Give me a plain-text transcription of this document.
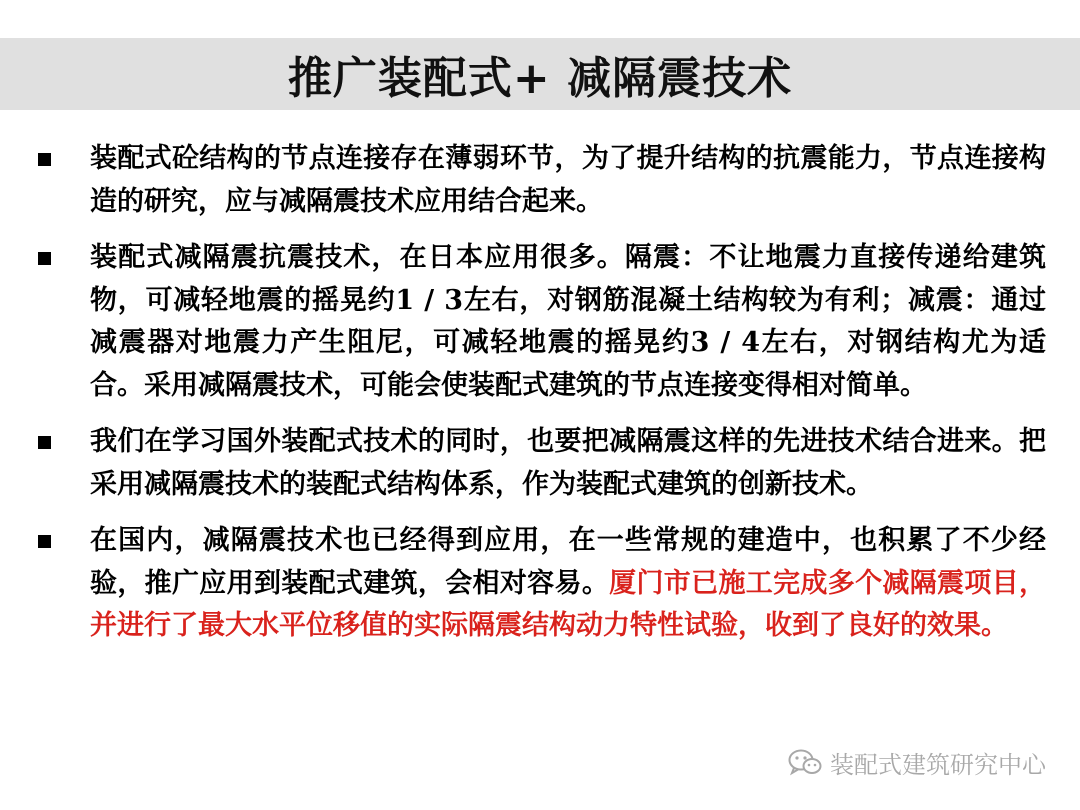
推广装配式+ 减隔震技术
装配式砼结构的节点连接存在薄弱环节，为了提升结构的抗震能力，节点连接构造的研究，应与减隔震技术应用结合起来。
装配式减隔震抗震技术，在日本应用很多。隔震：不让地震力直接传递给建筑物，可减轻地震的摇晃约1 / 3左右，对钢筋混凝土结构较为有利；减震：通过减震器对地震力产生阻尼，可减轻地震的摇晃约3 / 4左右，对钢结构尤为适合。采用减隔震技术，可能会使装配式建筑的节点连接变得相对简单。
我们在学习国外装配式技术的同时，也要把减隔震这样的先进技术结合进来。把采用减隔震技术的装配式结构体系，作为装配式建筑的创新技术。
在国内，减隔震技术也已经得到应用，在一些常规的建造中，也积累了不少经验，推广应用到装配式建筑，会相对容易。厦门市已施工完成多个减隔震项目，并进行了最大水平位移值的实际隔震结构动力特性试验，收到了良好的效果。
装配式建筑研究中心
